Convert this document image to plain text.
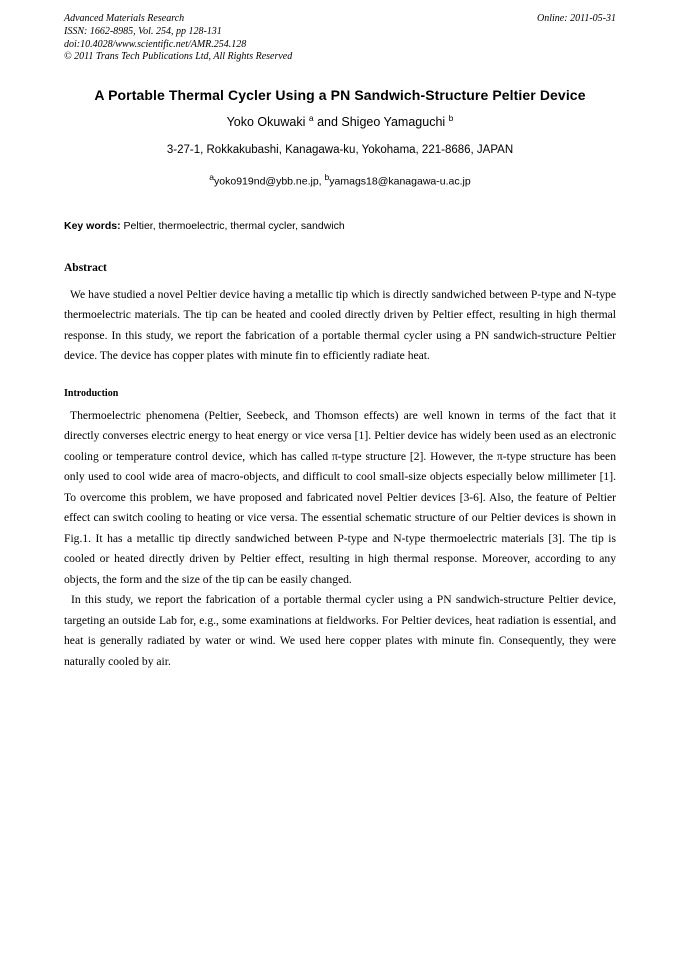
Advanced Materials Research
ISSN: 1662-8985, Vol. 254, pp 128-131
doi:10.4028/www.scientific.net/AMR.254.128
© 2011 Trans Tech Publications Ltd, All Rights Reserved
Online: 2011-05-31
A Portable Thermal Cycler Using a PN Sandwich-Structure Peltier Device
Yoko Okuwaki $^a$ and Shigeo Yamaguchi $^b$
3-27-1, Rokkakubashi, Kanagawa-ku, Yokohama, 221-8686, JAPAN
$^a$yoko919nd@ybb.ne.jp, $^b$yamags18@kanagawa-u.ac.jp
Key words: Peltier, thermoelectric, thermal cycler, sandwich
Abstract

We have studied a novel Peltier device having a metallic tip which is directly sandwiched between P-type and N-type thermoelectric materials. The tip can be heated and cooled directly driven by Peltier effect, resulting in high thermal response. In this study, we report the fabrication of a portable thermal cycler using a PN sandwich-structure Peltier device. The device has copper plates with minute fin to efficiently radiate heat.

Introduction

Thermoelectric phenomena (Peltier, Seebeck, and Thomson effects) are well known in terms of the fact that it directly converses electric energy to heat energy or vice versa [1]. Peltier device has widely been used as an electronic cooling or temperature control device, which has called π-type structure [2]. However, the π-type structure has been only used to cool wide area of macro-objects, and difficult to cool small-size objects especially below millimeter [1]. To overcome this problem, we have proposed and fabricated novel Peltier devices [3-6]. Also, the feature of Peltier effect can switch cooling to heating or vice versa. The essential schematic structure of our Peltier devices is shown in Fig.1. It has a metallic tip directly sandwiched between P-type and N-type thermoelectric materials [3]. The tip is cooled or heated directly driven by Peltier effect, resulting in high thermal response. Moreover, according to any objects, the form and the size of the tip can be easily changed.

In this study, we report the fabrication of a portable thermal cycler using a PN sandwich-structure Peltier device, targeting an outside Lab for, e.g., some examinations at fieldworks. For Peltier devices, heat radiation is essential, and heat is generally radiated by water or wind. We used here copper plates with minute fin. Consequently, they were naturally cooled by air.
